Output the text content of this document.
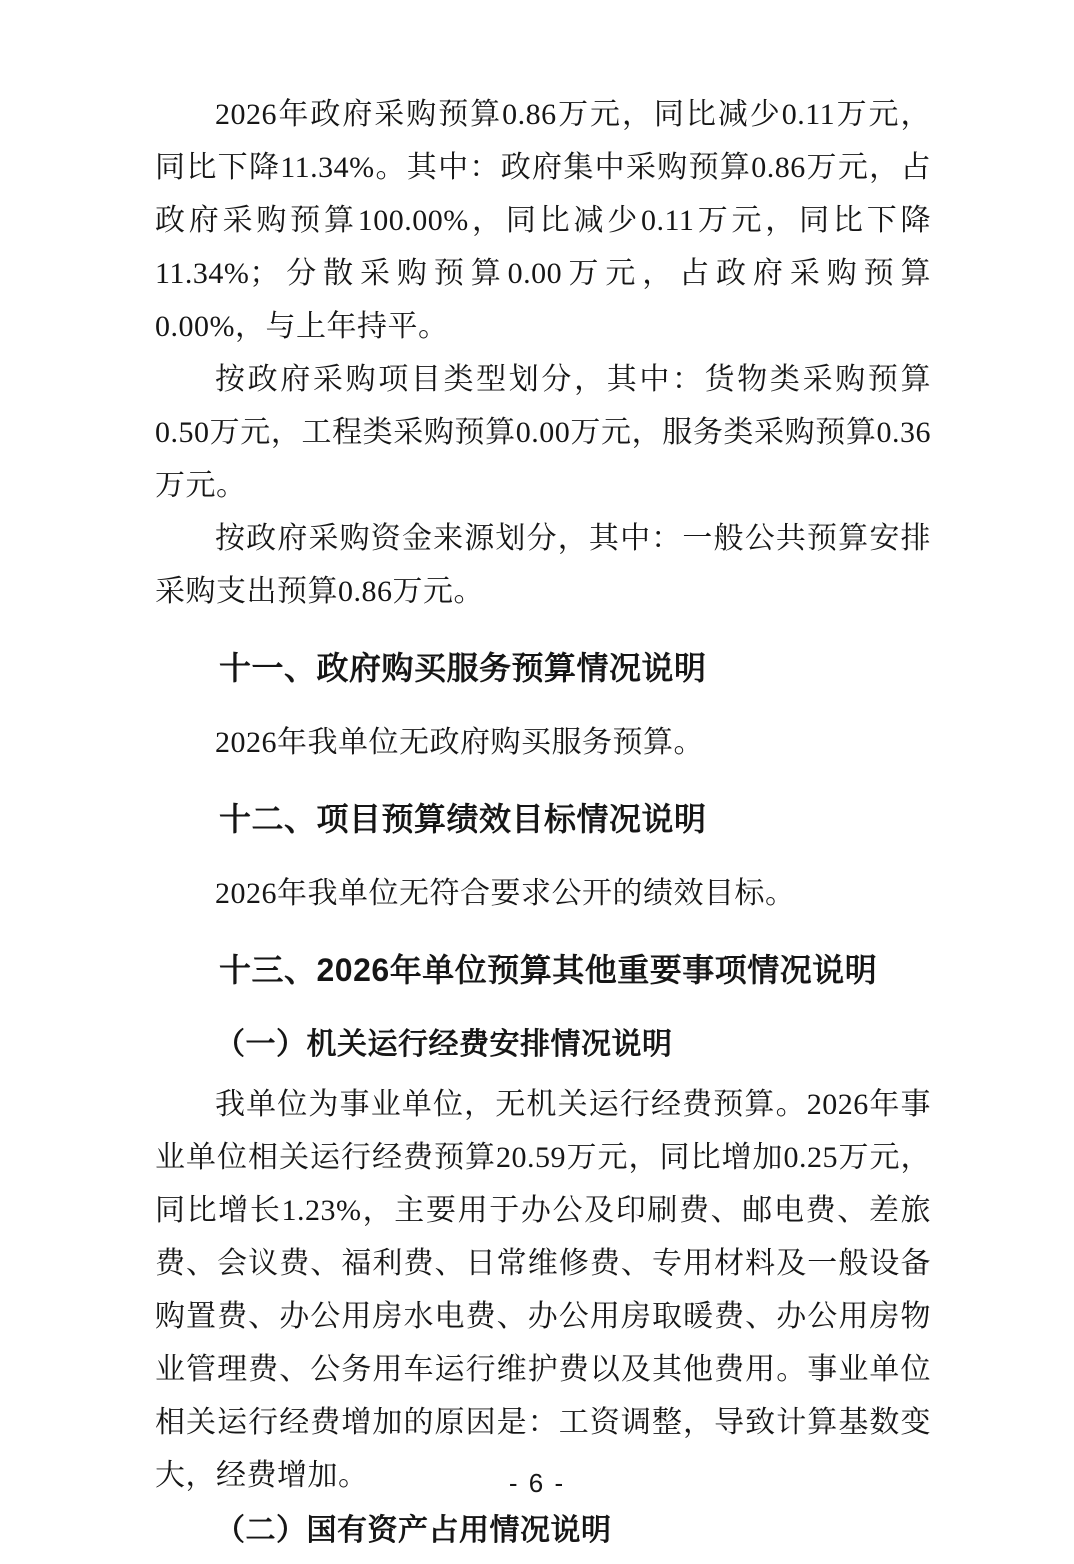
2026年政府采购预算0.86万元，同比减少0.11万元，同比下降11.34%。其中：政府集中采购预算0.86万元，占政府采购预算100.00%，同比减少0.11万元，同比下降11.34%；分散采购预算0.00万元，占政府采购预算0.00%，与上年持平。

按政府采购项目类型划分，其中：货物类采购预算0.50万元，工程类采购预算0.00万元，服务类采购预算0.36万元。

按政府采购资金来源划分，其中：一般公共预算安排采购支出预算0.86万元。

十一、政府购买服务预算情况说明

2026年我单位无政府购买服务预算。

十二、项目预算绩效目标情况说明

2026年我单位无符合要求公开的绩效目标。

十三、2026年单位预算其他重要事项情况说明
（一）机关运行经费安排情况说明

我单位为事业单位，无机关运行经费预算。2026年事业单位相关运行经费预算20.59万元，同比增加0.25万元，同比增长1.23%，主要用于办公及印刷费、邮电费、差旅费、会议费、福利费、日常维修费、专用材料及一般设备购置费、办公用房水电费、办公用房取暖费、办公用房物业管理费、公务用车运行维护费以及其他费用。事业单位相关运行经费增加的原因是：工资调整，导致计算基数变大，经费增加。

（二）国有资产占用情况说明
- 6 -
